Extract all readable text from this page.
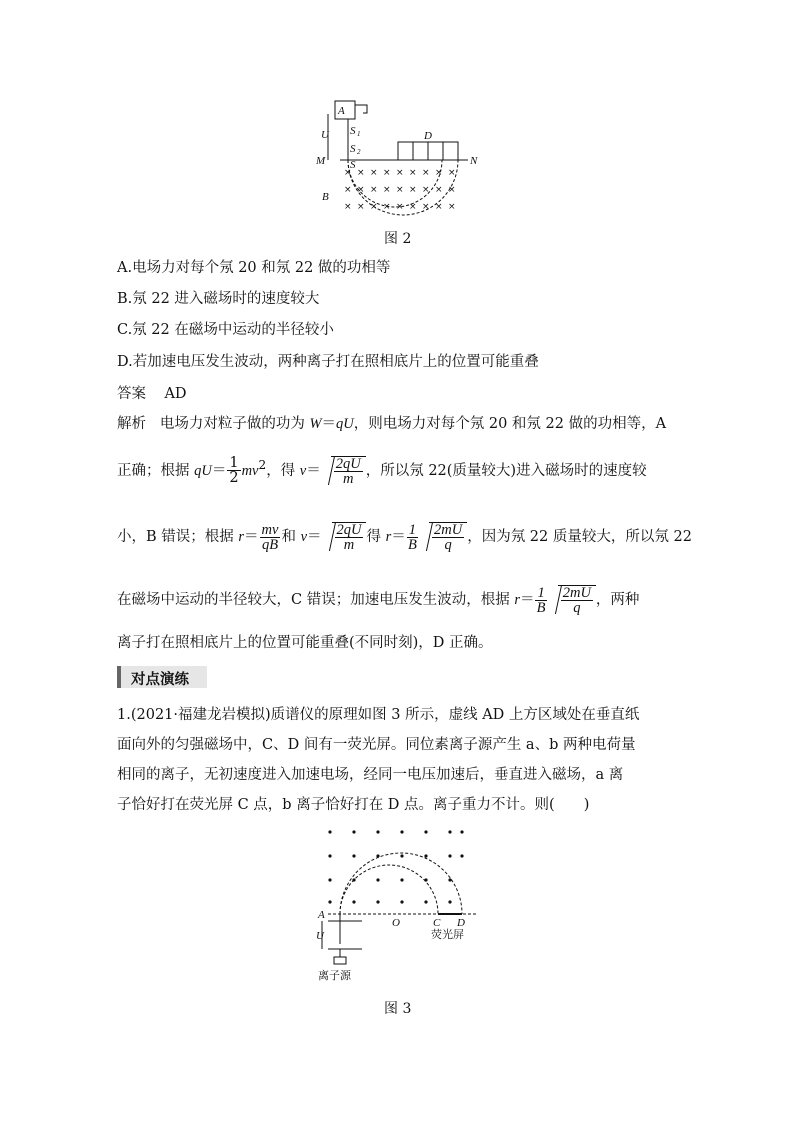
× × × × × × × × ×
× × × × × × × × ×
× × × × × × × × ×
A
U S
S
S
M	N
D
B
1
2
图 2
A.电场力对每个氖 20 和氖 22 做的功相等
B.氖 22 进入磁场时的速度较大
C.氖 22 在磁场中运动的半径较小
D.若加速电压发生波动，两种离子打在照相底片上的位置可能重叠
答案 AD
解析 电场力对粒子做的功为 W＝qU，则电场力对每个氖 20 和氖 22 做的功相等，A
正确；根据 $qU= \frac{1}{2} mv^2$，得 $v= \frac{2qU}{m}$ ，所以氖 22(质量较大)进入磁场时的速度较
小，B 错误；根据 $r= \frac{mv}{qB}$ 和 $v= \frac{2qU}{m}$ 得 $r= \frac{1}{B} \frac{2mU}{q}$ ，因为氖 22 质量较大，所以氖 22
在磁场中运动的半径较大，C 错误；加速电压发生波动，根据 $r= \frac{1}{B} \frac{2mU}{q}$ ，两种
离子打在照相底片上的位置可能重叠(不同时刻)，D 正确。
对点演练
1.(2021·福建龙岩模拟)质谱仪的原理如图 3 所示，虚线 AD 上方区域处在垂直纸
面向外的匀强磁场中，C、D 间有一荧光屏。同位素离子源产生 a、b 两种电荷量
相同的离子，无初速度进入加速电场，经同一电压加速后，垂直进入磁场，a 离
子恰好打在荧光屏 C 点，b 离子恰好打在 D 点。离子重力不计。则(　　)
A
O	C D
U	荧光屏
离子源
图 3
